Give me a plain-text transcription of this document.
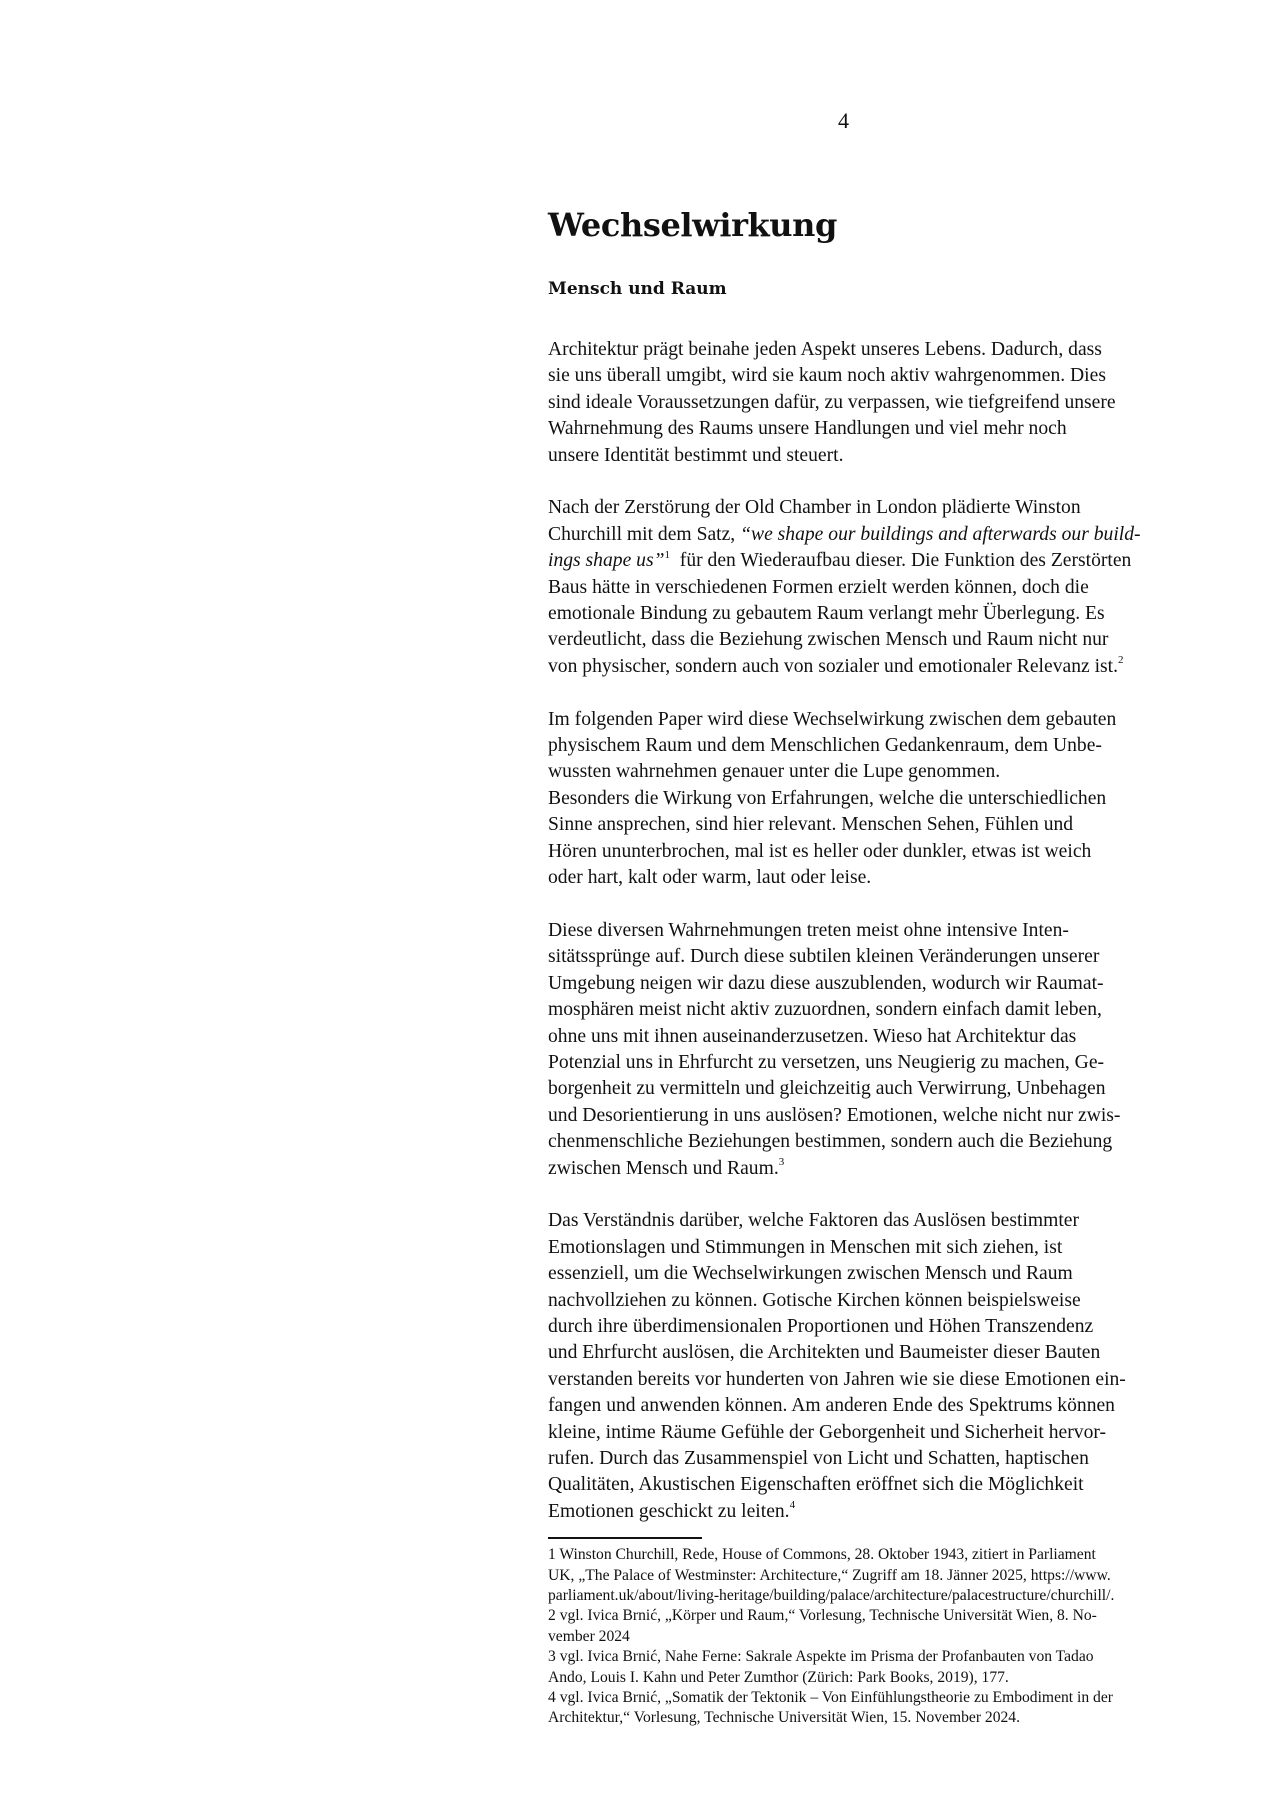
4
Wechselwirkung
Mensch und Raum

Architektur prägt beinahe jeden Aspekt unseres Lebens. Dadurch, dass
sie uns überall umgibt, wird sie kaum noch aktiv wahrgenommen. Dies
sind ideale Voraussetzungen dafür, zu verpassen, wie tiefgreifend unsere
Wahrnehmung des Raums unsere Handlungen und viel mehr noch
unsere Identität bestimmt und steuert.

Nach der Zerstörung der Old Chamber in London plädierte Winston
Churchill mit dem Satz, “we shape our buildings and afterwards our build-
ings shape us”$^1$ für den Wiederaufbau dieser. Die Funktion des Zerstörten
Baus hätte in verschiedenen Formen erzielt werden können, doch die
emotionale Bindung zu gebautem Raum verlangt mehr Überlegung. Es
verdeutlicht, dass die Beziehung zwischen Mensch und Raum nicht nur
von physischer, sondern auch von sozialer und emotionaler Relevanz ist.$^2$

Im folgenden Paper wird diese Wechselwirkung zwischen dem gebauten
physischem Raum und dem Menschlichen Gedankenraum, dem Unbe-
wussten wahrnehmen genauer unter die Lupe genommen.
Besonders die Wirkung von Erfahrungen, welche die unterschiedlichen
Sinne ansprechen, sind hier relevant. Menschen Sehen, Fühlen und
Hören ununterbrochen, mal ist es heller oder dunkler, etwas ist weich
oder hart, kalt oder warm, laut oder leise.

Diese diversen Wahrnehmungen treten meist ohne intensive Inten-
sitätssprünge auf. Durch diese subtilen kleinen Veränderungen unserer
Umgebung neigen wir dazu diese auszublenden, wodurch wir Raumat-
mosphären meist nicht aktiv zuzuordnen, sondern einfach damit leben,
ohne uns mit ihnen auseinanderzusetzen. Wieso hat Architektur das
Potenzial uns in Ehrfurcht zu versetzen, uns Neugierig zu machen, Ge-
borgenheit zu vermitteln und gleichzeitig auch Verwirrung, Unbehagen
und Desorientierung in uns auslösen? Emotionen, welche nicht nur zwis-
chenmenschliche Beziehungen bestimmen, sondern auch die Beziehung
zwischen Mensch und Raum.$^3$

Das Verständnis darüber, welche Faktoren das Auslösen bestimmter
Emotionslagen und Stimmungen in Menschen mit sich ziehen, ist
essenziell, um die Wechselwirkungen zwischen Mensch und Raum
nachvollziehen zu können. Gotische Kirchen können beispielsweise
durch ihre überdimensionalen Proportionen und Höhen Transzendenz
und Ehrfurcht auslösen, die Architekten und Baumeister dieser Bauten
verstanden bereits vor hunderten von Jahren wie sie diese Emotionen ein-
fangen und anwenden können. Am anderen Ende des Spektrums können
kleine, intime Räume Gefühle der Geborgenheit und Sicherheit hervor-
rufen. Durch das Zusammenspiel von Licht und Schatten, haptischen
Qualitäten, Akustischen Eigenschaften eröffnet sich die Möglichkeit
Emotionen geschickt zu leiten.$^4$

1 Winston Churchill, Rede, House of Commons, 28. Oktober 1943, zitiert in Parliament
UK, „The Palace of Westminster: Architecture,“ Zugriff am 18. Jänner 2025, https://www.
parliament.uk/about/living-heritage/building/palace/architecture/palacestructure/churchill/.
2 vgl. Ivica Brnić, „Körper und Raum,“ Vorlesung, Technische Universität Wien, 8. No-
vember 2024
3 vgl. Ivica Brnić, Nahe Ferne: Sakrale Aspekte im Prisma der Profanbauten von Tadao
Ando, Louis I. Kahn und Peter Zumthor (Zürich: Park Books, 2019), 177.
4 vgl. Ivica Brnić, „Somatik der Tektonik – Von Einfühlungstheorie zu Embodiment in der
Architektur,“ Vorlesung, Technische Universität Wien, 15. November 2024.
